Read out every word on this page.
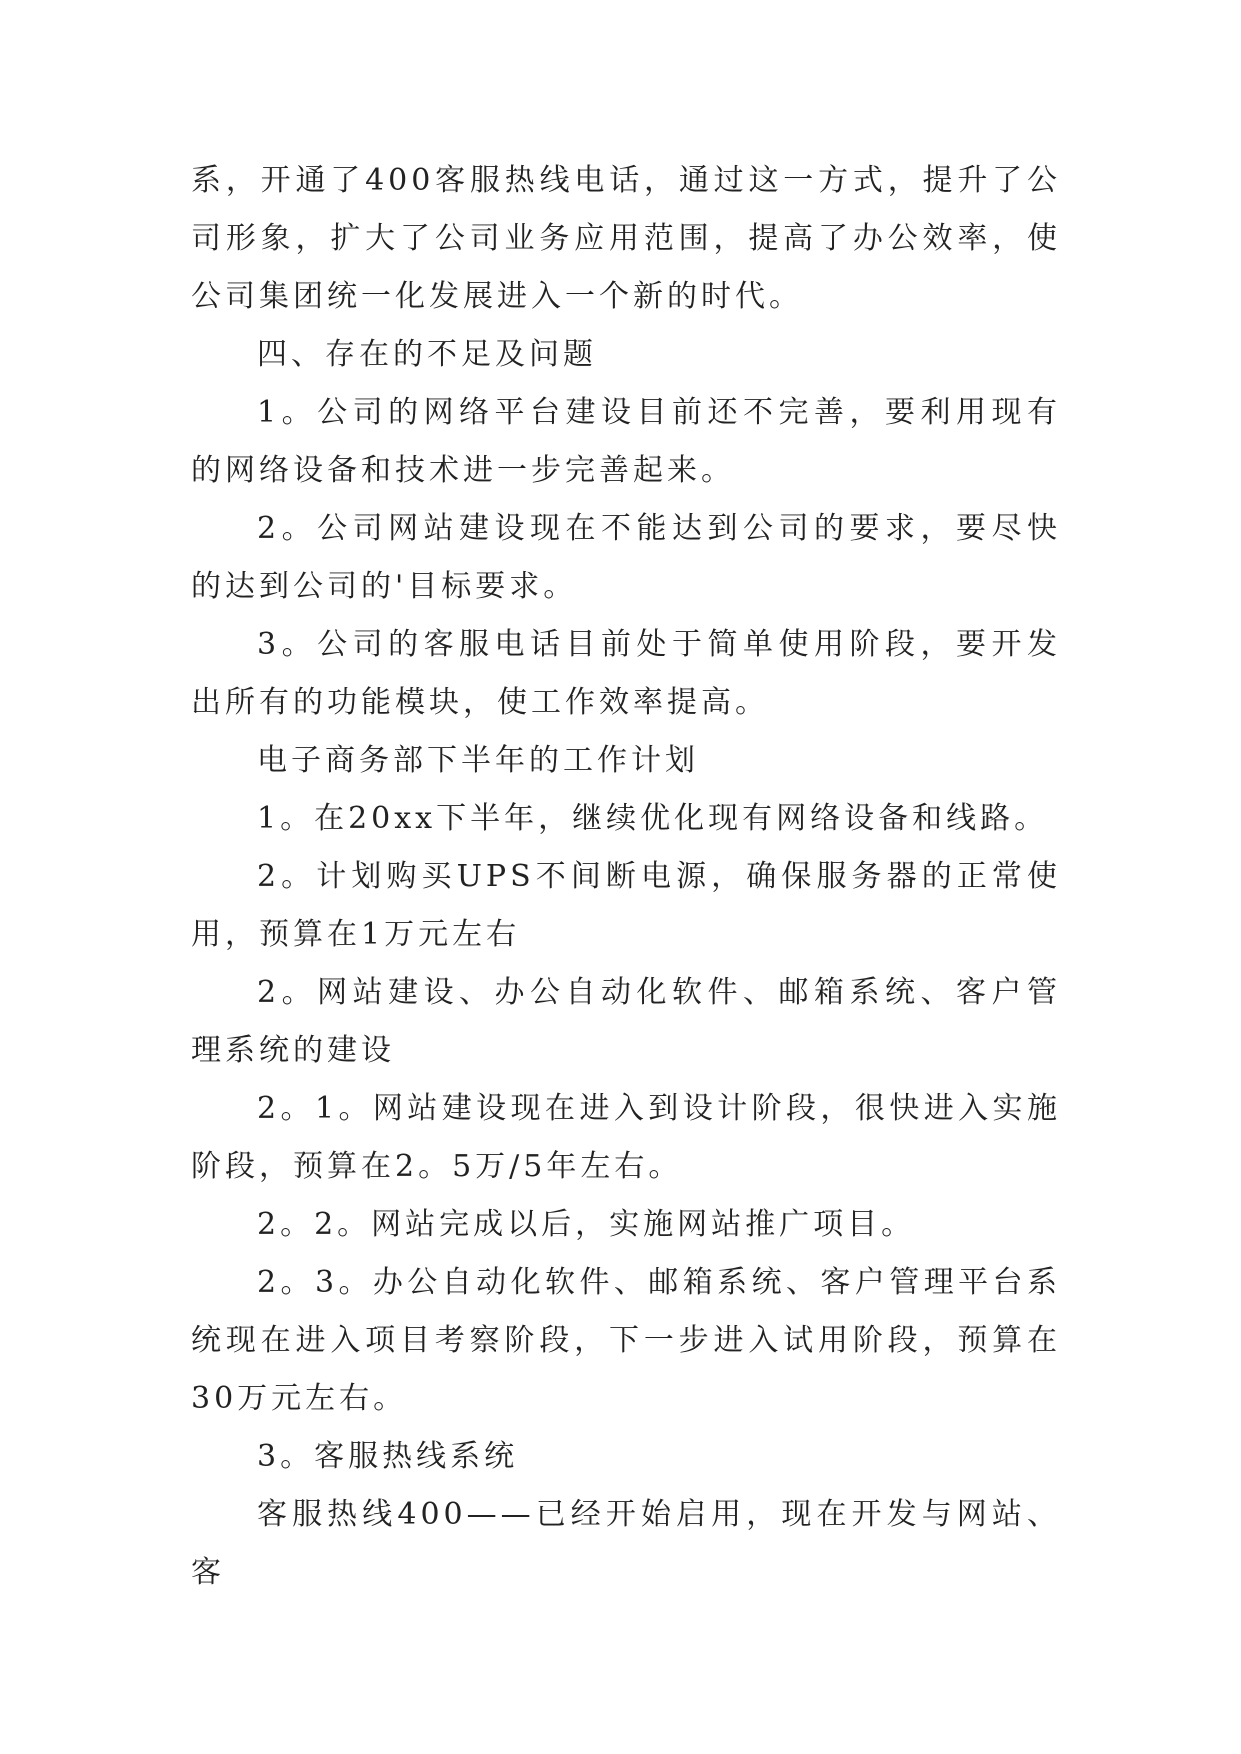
系，开通了400客服热线电话，通过这一方式，提升了公司形象，扩大了公司业务应用范围，提高了办公效率，使公司集团统一化发展进入一个新的时代。

四、存在的不足及问题

1。公司的网络平台建设目前还不完善，要利用现有的网络设备和技术进一步完善起来。

2。公司网站建设现在不能达到公司的要求，要尽快的达到公司的'目标要求。

3。公司的客服电话目前处于简单使用阶段，要开发出所有的功能模块，使工作效率提高。

电子商务部下半年的工作计划

1。在20xx下半年，继续优化现有网络设备和线路。

2。计划购买UPS不间断电源，确保服务器的正常使用，预算在1万元左右

2。网站建设、办公自动化软件、邮箱系统、客户管理系统的建设

2。1。网站建设现在进入到设计阶段，很快进入实施阶段，预算在2。5万/5年左右。

2。2。网站完成以后，实施网站推广项目。

2。3。办公自动化软件、邮箱系统、客户管理平台系统现在进入项目考察阶段，下一步进入试用阶段，预算在30万元左右。

3。客服热线系统

客服热线400——已经开始启用，现在开发与网站、客
